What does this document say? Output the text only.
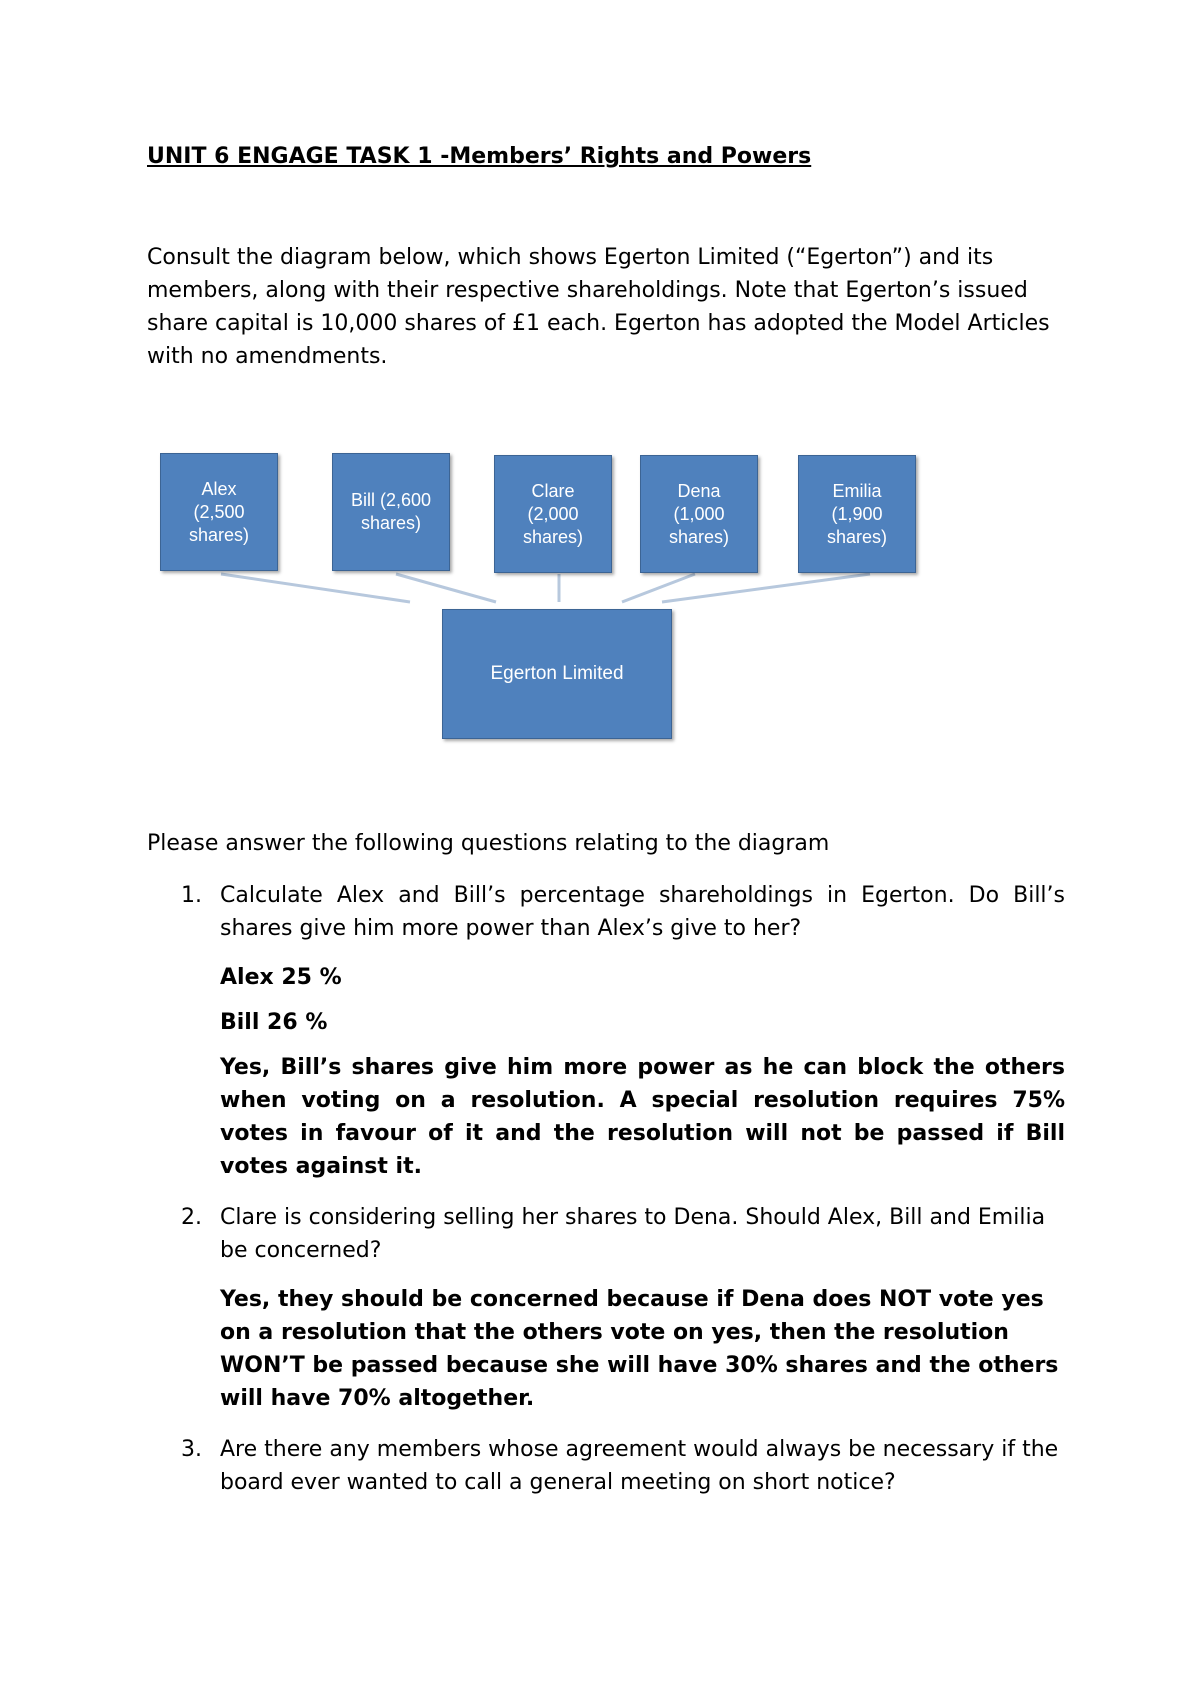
UNIT 6 ENGAGE TASK 1 -Members’ Rights and Powers

Consult the diagram below, which shows Egerton Limited (“Egerton”) and its members, along with their respective shareholdings. Note that Egerton’s issued share capital is 10,000 shares of £1 each. Egerton has adopted the Model Articles with no amendments.

Alex
(2,500
shares)
Bill (2,600
shares)
Clare
(2,000
shares)
Dena
(1,000
shares)
Emilia
(1,900
shares)
Egerton Limited

Please answer the following questions relating to the diagram

1. Calculate Alex and Bill’s percentage shareholdings in Egerton. Do Bill’s shares give him more power than Alex’s give to her?

Alex 25 %

Bill 26 %

Yes, Bill’s shares give him more power as he can block the others when voting on a resolution. A special resolution requires 75% votes in favour of it and the resolution will not be passed if Bill votes against it.

2. Clare is considering selling her shares to Dena. Should Alex, Bill and Emilia be concerned?

Yes, they should be concerned because if Dena does NOT vote yes on a resolution that the others vote on yes, then the resolution WON’T be passed because she will have 30% shares and the others will have 70% altogether.

3. Are there any members whose agreement would always be necessary if the board ever wanted to call a general meeting on short notice?
